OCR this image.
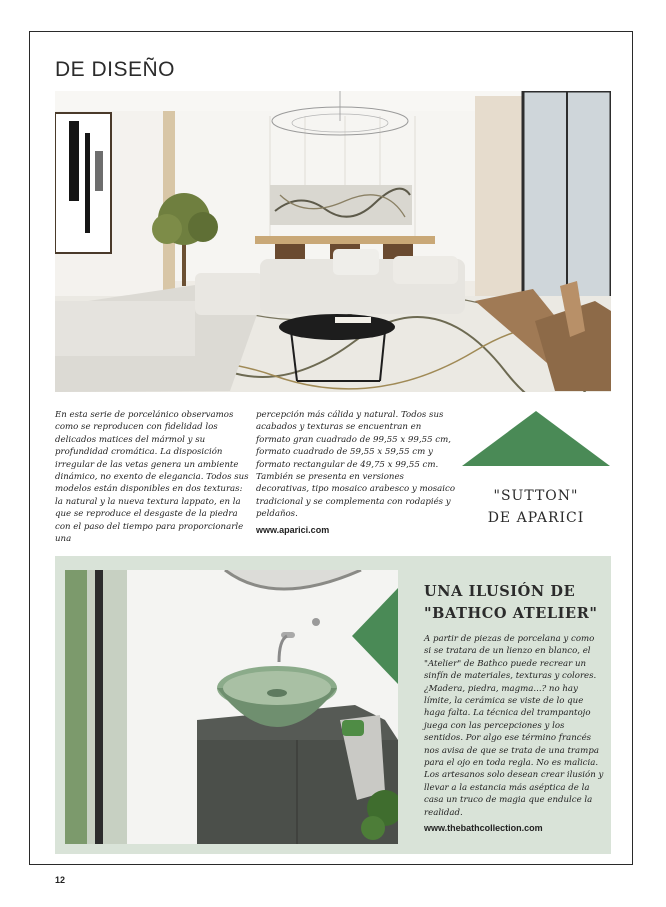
DE DISEÑO

En esta serie de porcelánico observamos como se reproducen con fidelidad los delicados matices del mármol y su profundidad cromática. La disposición irregular de las vetas genera un ambiente dinámico, no exento de elegancia. Todos sus modelos están disponibles en dos texturas: la natural y la nueva textura lappato, en la que se reproduce el desgaste de la piedra con el paso del tiempo para proporcionarle una

percepción más cálida y natural. Todos sus acabados y texturas se encuentran en formato gran cuadrado de 99,55 x 99,55 cm, formato cuadrado de 59,55 x 59,55 cm y formato rectangular de 49,75 x 99,55 cm. También se presenta en versiones decorativas, tipo mosaico arabesco y mosaico tradicional y se complementa con rodapiés y peldaños.
www.aparici.com
"SUTTON"
DE APARICI
UNA ILUSIÓN DE "BATHCO ATELIER"
A partir de piezas de porcelana y como si se tratara de un lienzo en blanco, el "Atelier" de Bathco puede recrear un sinfín de materiales, texturas y colores. ¿Madera, piedra, magma...? no hay límite, la cerámica se viste de lo que haga falta. La técnica del trampantojo juega con las percepciones y los sentidos. Por algo ese término francés nos avisa de que se trata de una trampa para el ojo en toda regla. No es malicia. Los artesanos solo desean crear ilusión y llevar a la estancia más aséptica de la casa un truco de magia que endulce la realidad.
www.thebathcollection.com
12
